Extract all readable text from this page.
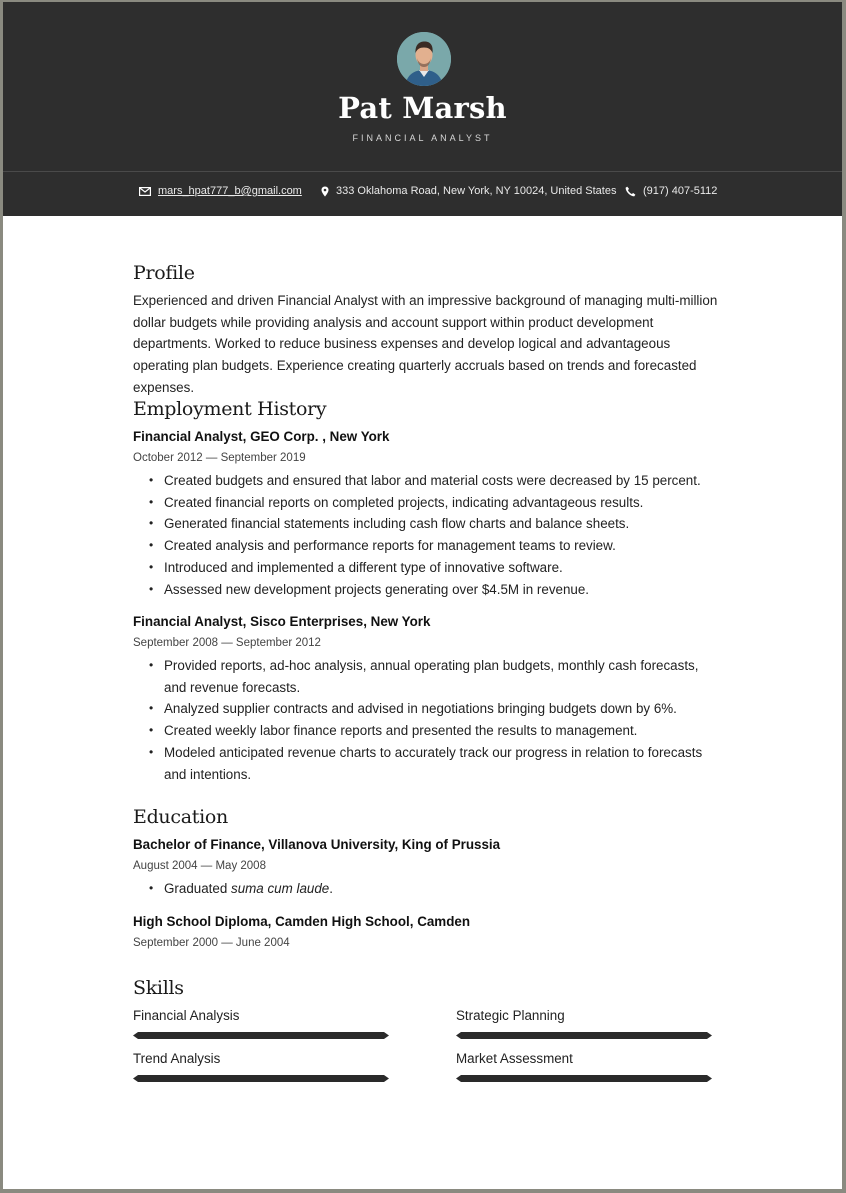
Pat Marsh
FINANCIAL ANALYST
mars_hpat777_b@gmail.com	333 Oklahoma Road, New York, NY 10024, United States (917) 407-5112
Profile

Experienced and driven Financial Analyst with an impressive background of managing multi-million dollar budgets while providing analysis and account support within product development departments. Worked to reduce business expenses and develop logical and advantageous operating plan budgets. Experience creating quarterly accruals based on trends and forecasted expenses.

Employment History
Financial Analyst, GEO Corp. , New York
October 2012 — September 2019
• Created budgets and ensured that labor and material costs were decreased by 15 percent.
• Created financial reports on completed projects, indicating advantageous results.
• Generated financial statements including cash flow charts and balance sheets.
• Created analysis and performance reports for management teams to review.
• Introduced and implemented a different type of innovative software.
• Assessed new development projects generating over $4.5M in revenue.
Financial Analyst, Sisco Enterprises, New York
September 2008 — September 2012
• Provided reports, ad-hoc analysis, annual operating plan budgets, monthly cash forecasts, and revenue forecasts.
• Analyzed supplier contracts and advised in negotiations bringing budgets down by 6%.
• Created weekly labor finance reports and presented the results to management.
• Modeled anticipated revenue charts to accurately track our progress in relation to forecasts and intentions.
Education
Bachelor of Finance, Villanova University, King of Prussia
August 2004 — May 2008
• Graduated suma cum laude.
High School Diploma, Camden High School, Camden
September 2000 — June 2004
Skills
Financial Analysis	Strategic Planning
Trend Analysis	Market Assessment
